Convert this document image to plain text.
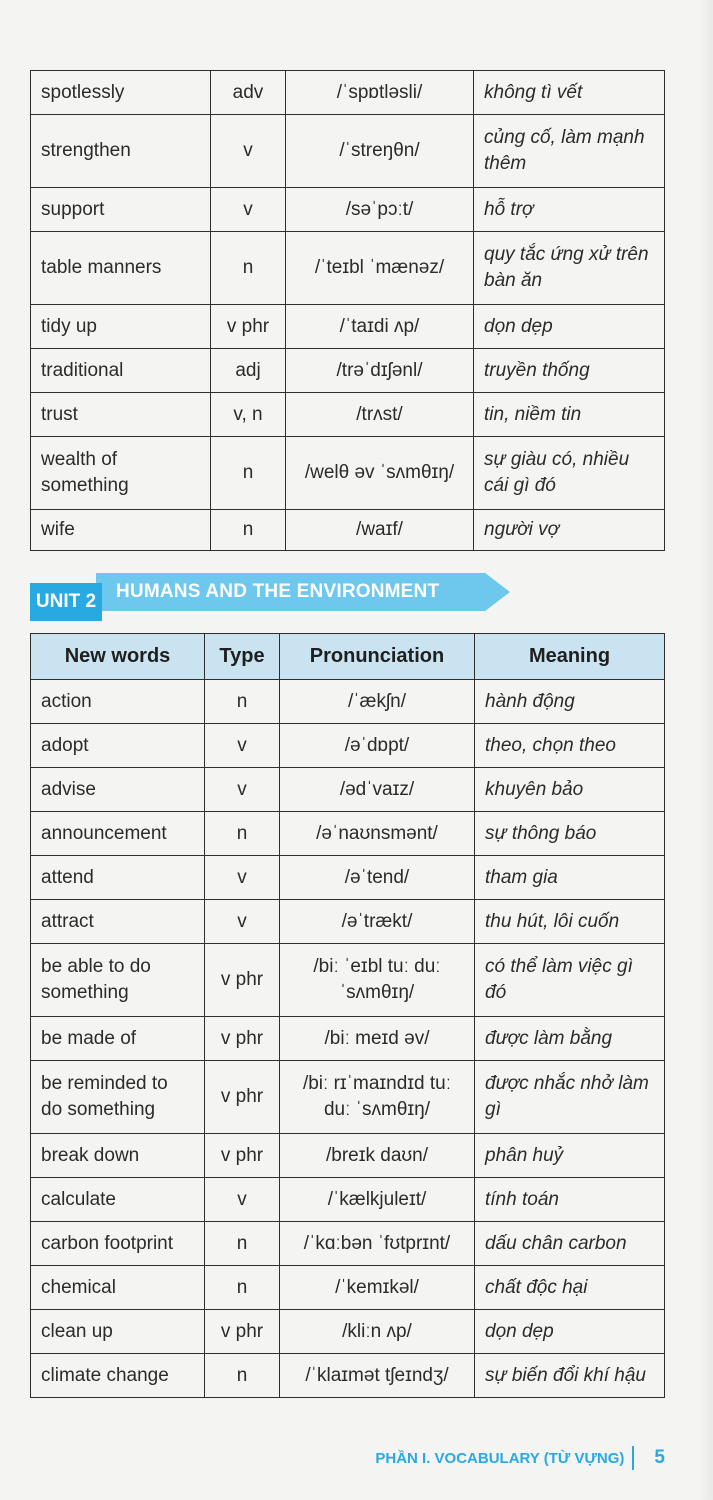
spotlessly	adv	/ˈspɒtləsli/	không tì vết
strengthen	v	/ˈstreŋθn/	củng cố, làm mạnh thêm
support	v	/səˈpɔːt/	hỗ trợ
table manners	n	/ˈteɪbl ˈmænəz/	quy tắc ứng xử trên bàn ăn
tidy up	v phr	/ˈtaɪdi ʌp/	dọn dẹp
traditional	adj	/trəˈdɪʃənl/	truyền thống
trust	v, n	/trʌst/	tin, niềm tin
wealth of something	n	/welθ əv ˈsʌmθɪŋ/	sự giàu có, nhiều cái gì đó
wife	n	/waɪf/	người vợ
UNIT 2	HUMANS AND THE ENVIRONMENT
New words	Type	Pronunciation	Meaning
action	n	/ˈækʃn/	hành động
adopt	v	/əˈdɒpt/	theo, chọn theo
advise	v	/ədˈvaɪz/	khuyên bảo
announcement	n	/əˈnaʊnsmənt/	sự thông báo
attend	v	/əˈtend/	tham gia
attract	v	/əˈtrækt/	thu hút, lôi cuốn
be able to do something	v phr	/biː ˈeɪbl tuː duː ˈsʌmθɪŋ/	có thể làm việc gì đó
be made of	v phr	/biː meɪd əv/	được làm bằng
be reminded to do something	v phr	/biː rɪˈmaɪndɪd tuː duː ˈsʌmθɪŋ/	được nhắc nhở làm gì
break down	v phr	/breɪk daʊn/	phân huỷ
calculate	v	/ˈkælkjuleɪt/	tính toán
carbon footprint	n	/ˈkɑːbən ˈfʊtprɪnt/	dấu chân carbon
chemical	n	/ˈkemɪkəl/	chất độc hại
clean up	v phr	/kliːn ʌp/	dọn dẹp
climate change	n	/ˈklaɪmət tʃeɪndʒ/	sự biến đổi khí hậu
PHẦN I. VOCABULARY (TỪ VỰNG) 5
